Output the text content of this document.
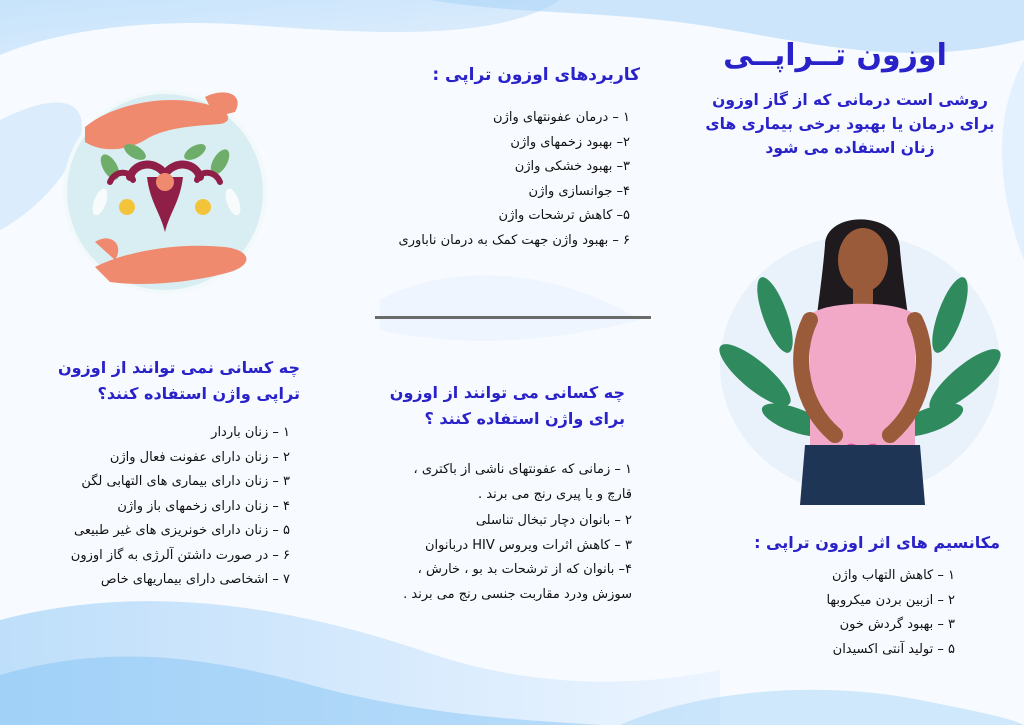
اوزون تــراپــی
روشی است درمانی که از گاز اوزون برای درمان یا بهبود برخی بیماری های زنان استفاده می شود
مکانسیم های اثر اوزون تراپی :
۱ – کاهش التهاب واژن
۲ – ازبین بردن میکروبها
۳ – بهبود گردش خون
۵ – تولید آنتی اکسیدان
کاربردهای اوزون تراپی :
۱ – درمان عفونتهای واژن
۲– بهبود زخمهای واژن
۳– بهبود خشکی واژن
۴– جوانسازی واژن
۵– کاهش ترشحات واژن
۶ – بهبود واژن جهت کمک به درمان ناباوری
چه کسانی می توانند از اوزون برای واژن استفاده کنند ؟
۱ – زمانی که عفونتهای ناشی از باکتری ، قارچ و یا پیری رنج می برند .
۲ – بانوان دچار تبخال تناسلی
۳ – کاهش اثرات ویروس HIV دربانوان
۴– بانوان که از ترشحات بد بو ، خارش ، سوزش ودرد مقاربت جنسی رنج می برند .
چه کسانی نمی توانند از اوزون تراپی واژن استفاده کنند؟
۱ – زنان باردار
۲ – زنان دارای عفونت فعال واژن
۳ – زنان دارای بیماری های التهابی لگن
۴ – زنان دارای زخمهای باز واژن
۵ – زنان دارای خونریزی های غیر طبیعی
۶ – در صورت داشتن آلرژی به گاز اوزون
۷ – اشخاصی دارای بیماریهای خاص
